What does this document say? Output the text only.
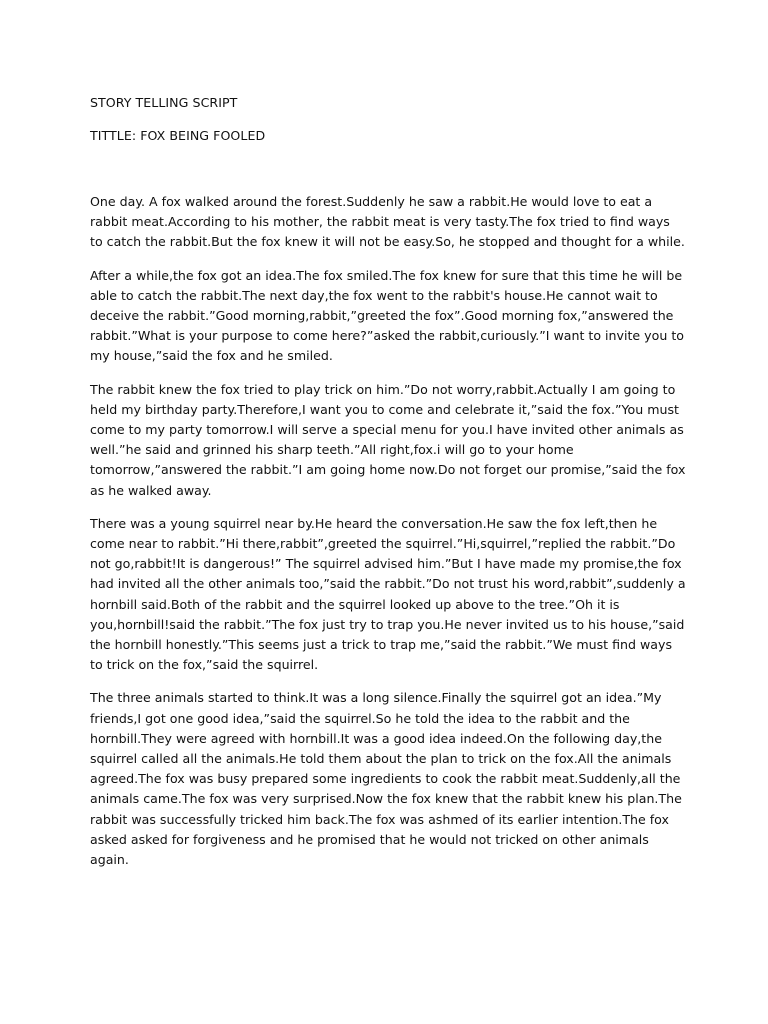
STORY TELLING SCRIPT

TITTLE: FOX BEING FOOLED

One day. A fox walked around the forest.Suddenly he saw a rabbit.He would love to eat a rabbit meat.According to his mother, the rabbit meat is very tasty.The fox tried to find ways to catch the rabbit.But the fox knew it will not be easy.So, he stopped and thought for a while.

After a while,the fox got an idea.The fox smiled.The fox knew for sure that this time he will be able to catch the rabbit.The next day,the fox went to the rabbit's house.He cannot wait to deceive the rabbit.”Good morning,rabbit,”greeted the fox”.Good morning fox,”answered the rabbit.”What is your purpose to come here?”asked the rabbit,curiously.”I want to invite you to my house,”said the fox and he smiled.

The rabbit knew the fox tried to play trick on him.”Do not worry,rabbit.Actually I am going to held my birthday party.Therefore,I want you to come and celebrate it,”said the fox.”You must come to my party tomorrow.I will serve a special menu for you.I have invited other animals as well.”he said and grinned his sharp teeth.”All right,fox.i will go to your home tomorrow,”answered the rabbit.”I am going home now.Do not forget our promise,”said the fox as he walked away.

There was a young squirrel near by.He heard the conversation.He saw the fox left,then he come near to rabbit.”Hi there,rabbit”,greeted the squirrel.”Hi,squirrel,”replied the rabbit.”Do not go,rabbit!It is dangerous!” The squirrel advised him.”But I have made my promise,the fox had invited all the other animals too,”said the rabbit.”Do not trust his word,rabbit”,suddenly a hornbill said.Both of the rabbit and the squirrel looked up above to the tree.”Oh it is you,hornbill!said the rabbit.”The fox just try to trap you.He never invited us to his house,”said the hornbill honestly.”This seems just a trick to trap me,”said the rabbit.”We must find ways to trick on the fox,”said the squirrel.

The three animals started to think.It was a long silence.Finally the squirrel got an idea.”My friends,I got one good idea,”said the squirrel.So he told the idea to the rabbit and the hornbill.They were agreed with hornbill.It was a good idea indeed.On the following day,the squirrel called all the animals.He told them about the plan to trick on the fox.All the animals agreed.The fox was busy prepared some ingredients to cook the rabbit meat.Suddenly,all the animals came.The fox was very surprised.Now the fox knew that the rabbit knew his plan.The rabbit was successfully tricked him back.The fox was ashmed of its earlier intention.The fox asked asked for forgiveness and he promised that he would not tricked on other animals again.
